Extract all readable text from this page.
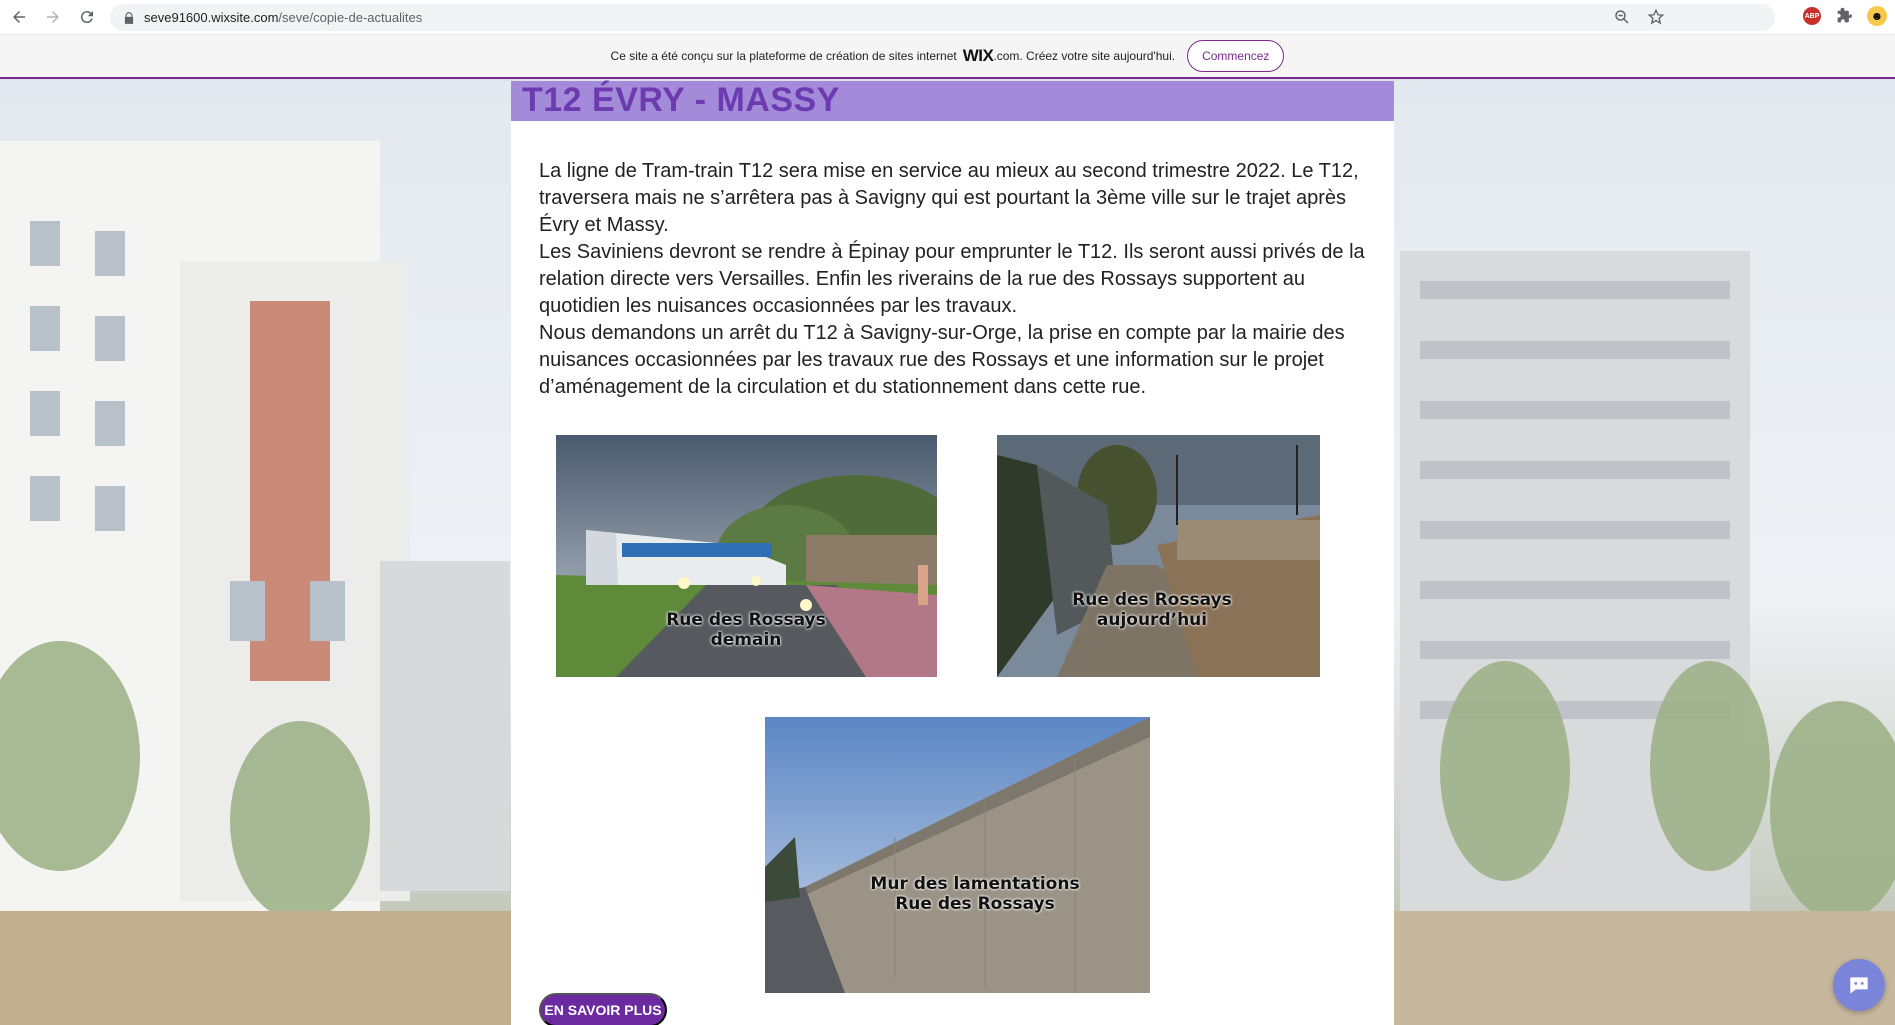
seve91600.wixsite.com/seve/copie-de-actualites	ABP	☻
Ce site a été conçu sur la plateforme de création de sites internet WIX .com. Créez votre site aujourd'hui.	Commencez
T12 ÉVRY - MASSY

La ligne de Tram-train T12 sera mise en service au mieux au second trimestre 2022. Le T12, traversera mais ne s’arrêtera pas à Savigny qui est pourtant la 3ème ville sur le trajet après Évry et Massy.

Les Saviniens devront se rendre à Épinay pour emprunter le T12. Ils seront aussi privés de la relation directe vers Versailles. Enfin les riverains de la rue des Rossays supportent au quotidien les nuisances occasionnées par les travaux.

Nous demandons un arrêt du T12 à Savigny-sur-Orge, la prise en compte par la mairie des nuisances occasionnées par les travaux rue des Rossays et une information sur le projet d’aménagement de la circulation et du stationnement dans cette rue.

Rue des Rossays
demain
Rue des Rossays
aujourd’hui
Mur des lamentations
Rue des Rossays
EN SAVOIR PLUS
